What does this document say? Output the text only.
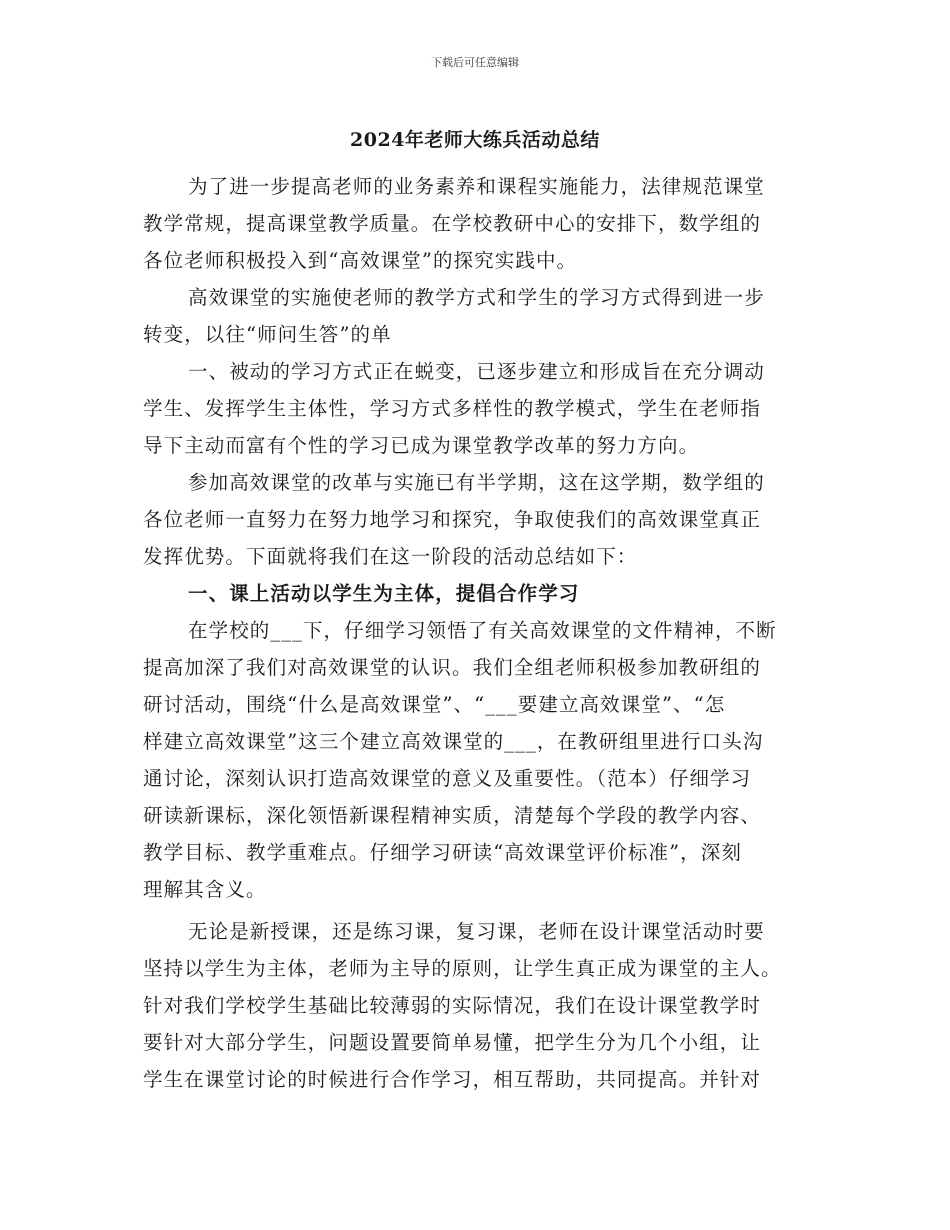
下载后可任意编辑
2024年老师大练兵活动总结
为了进一步提高老师的业务素养和课程实施能力，法律规范课堂
教学常规，提高课堂教学质量。在学校教研中心的安排下，数学组的
各位老师积极投入到“高效课堂”的探究实践中。
高效课堂的实施使老师的教学方式和学生的学习方式得到进一步
转变，以往“师问生答”的单
一、被动的学习方式正在蜕变，已逐步建立和形成旨在充分调动
学生、发挥学生主体性，学习方式多样性的教学模式，学生在老师指
导下主动而富有个性的学习已成为课堂教学改革的努力方向。
参加高效课堂的改革与实施已有半学期，这在这学期，数学组的
各位老师一直努力在努力地学习和探究，争取使我们的高效课堂真正
发挥优势。下面就将我们在这一阶段的活动总结如下：
一、课上活动以学生为主体，提倡合作学习
在学校的___下，仔细学习领悟了有关高效课堂的文件精神，不断
提高加深了我们对高效课堂的认识。我们全组老师积极参加教研组的
研讨活动，围绕“什么是高效课堂”、“___要建立高效课堂”、“怎
样建立高效课堂”这三个建立高效课堂的___，在教研组里进行口头沟
通讨论，深刻认识打造高效课堂的意义及重要性。（范本）仔细学习
研读新课标，深化领悟新课程精神实质，清楚每个学段的教学内容、
教学目标、教学重难点。仔细学习研读“高效课堂评价标准”，深刻
理解其含义。
无论是新授课，还是练习课，复习课，老师在设计课堂活动时要
坚持以学生为主体，老师为主导的原则，让学生真正成为课堂的主人。
针对我们学校学生基础比较薄弱的实际情况，我们在设计课堂教学时
要针对大部分学生，问题设置要简单易懂，把学生分为几个小组，让
学生在课堂讨论的时候进行合作学习，相互帮助，共同提高。并针对
